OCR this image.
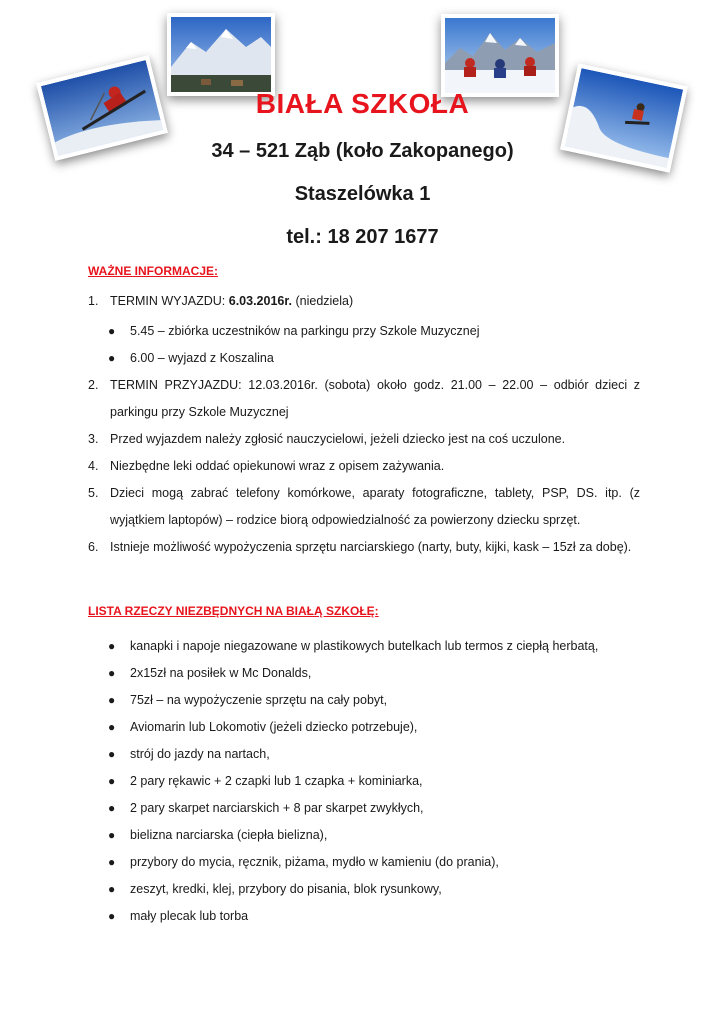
BIAŁA SZKOŁA
34 – 521 Ząb (koło Zakopanego)
Staszelówka 1
tel.: 18 207 1677
WAŻNE INFORMACJE:
1. TERMIN WYJAZDU: 6.03.2016r. (niedziela)
● 5.45 – zbiórka uczestników na parkingu przy Szkole Muzycznej
● 6.00 – wyjazd z Koszalina
2. TERMIN PRZYJAZDU: 12.03.2016r. (sobota) około godz. 21.00 – 22.00 – odbiór dzieci z parkingu przy Szkole Muzycznej
3. Przed wyjazdem należy zgłosić nauczycielowi, jeżeli dziecko jest na coś uczulone.
4. Niezbędne leki oddać opiekunowi wraz z opisem zażywania.
5. Dzieci mogą zabrać telefony komórkowe, aparaty fotograficzne, tablety, PSP, DS. itp. (z wyjątkiem laptopów) – rodzice biorą odpowiedzialność za powierzony dziecku sprzęt.
6. Istnieje możliwość wypożyczenia sprzętu narciarskiego (narty, buty, kijki, kask – 15zł za dobę).
LISTA RZECZY NIEZBĘDNYCH NA BIAŁĄ SZKOŁĘ:
● kanapki i napoje niegazowane w plastikowych butelkach lub termos z ciepłą herbatą,
● 2x15zł na posiłek w Mc Donalds,
● 75zł – na wypożyczenie sprzętu na cały pobyt,
● Aviomarin lub Lokomotiv (jeżeli dziecko potrzebuje),
● strój do jazdy na nartach,
● 2 pary rękawic + 2 czapki lub 1 czapka + kominiarka,
● 2 pary skarpet narciarskich + 8 par skarpet zwykłych,
● bielizna narciarska (ciepła bielizna),
● przybory do mycia, ręcznik, piżama, mydło w kamieniu (do prania),
● zeszyt, kredki, klej, przybory do pisania, blok rysunkowy,
● mały plecak lub torba
